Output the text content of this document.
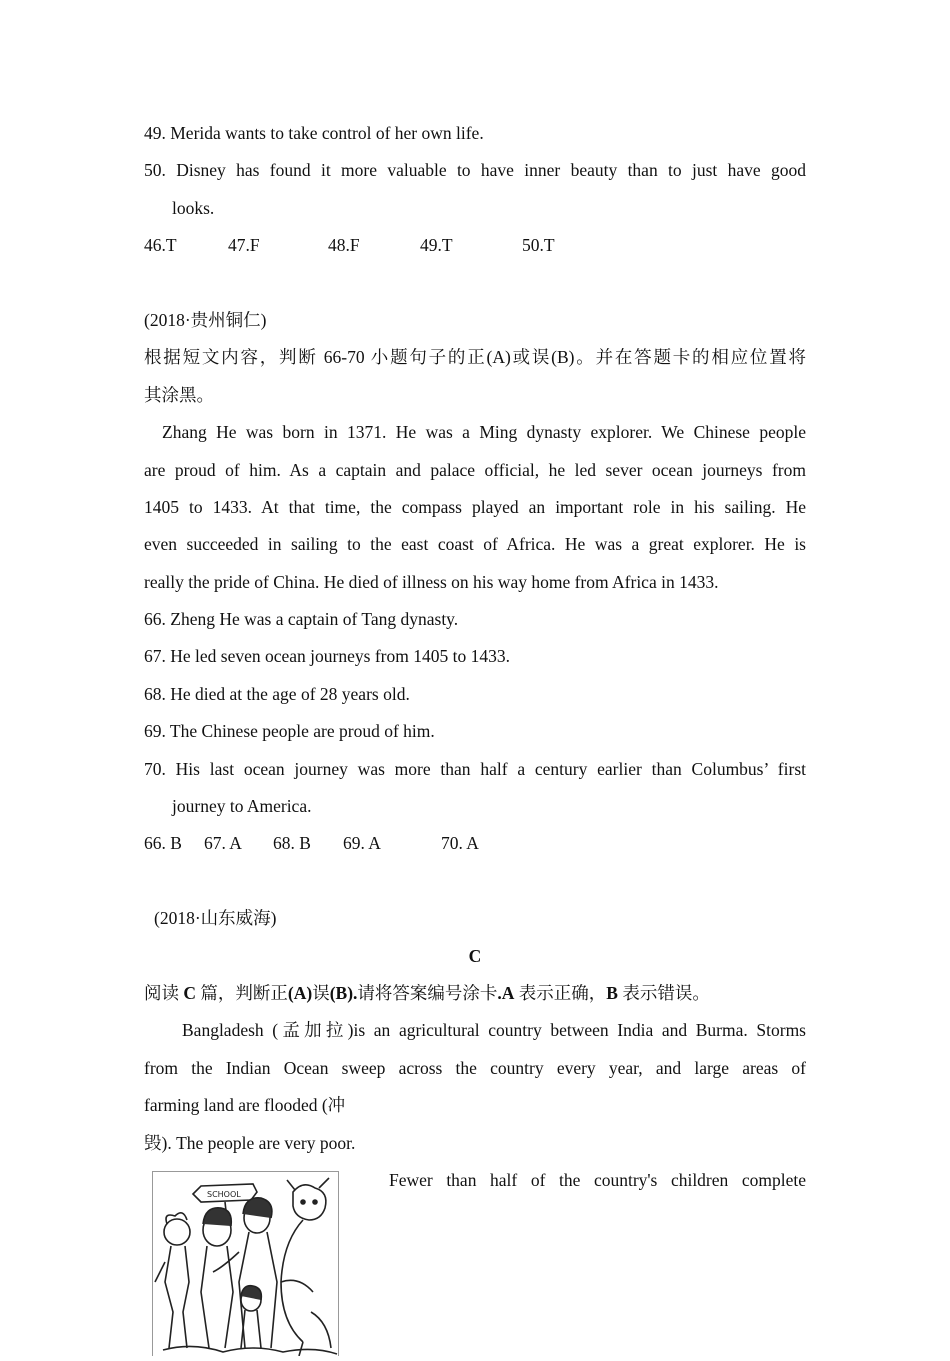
49. Merida wants to take control of her own life.
50. Disney has found it more valuable to have inner beauty than to just have good
looks.
46.T	47.F	48.F	49.T	50.T
(2018·贵州铜仁)
根据短文内容，判断 66-70 小题句子的正(A)或误(B)。并在答题卡的相应位置将
其涂黑。
Zhang He was born in 1371. He was a Ming dynasty explorer. We Chinese people
are proud of him. As a captain and palace official, he led sever ocean journeys from
1405 to 1433. At that time, the compass played an important role in his sailing. He
even succeeded in sailing to the east coast of Africa. He was a great explorer. He is
really the pride of China. He died of illness on his way home from Africa in 1433.
66. Zheng He was a captain of Tang dynasty.
67. He led seven ocean journeys from 1405 to 1433.
68. He died at the age of 28 years old.
69. The Chinese people are proud of him.
70. His last ocean journey was more than half a century earlier than Columbus’ first
journey to America.
66. B 67. A 68. B 69. A	70. A
(2018·山东威海)
C
阅读 C 篇，判断正(A)误(B).请将答案编号涂卡.A 表示正确，B 表示错误。
Bangladesh (孟加拉)is an agricultural country between India and Burma. Storms
from the Indian Ocean sweep across the country every year, and large areas of
farming land are flooded (冲
毁). The people are very poor.
SCHOOL
Fewer than half of the country's children complete
